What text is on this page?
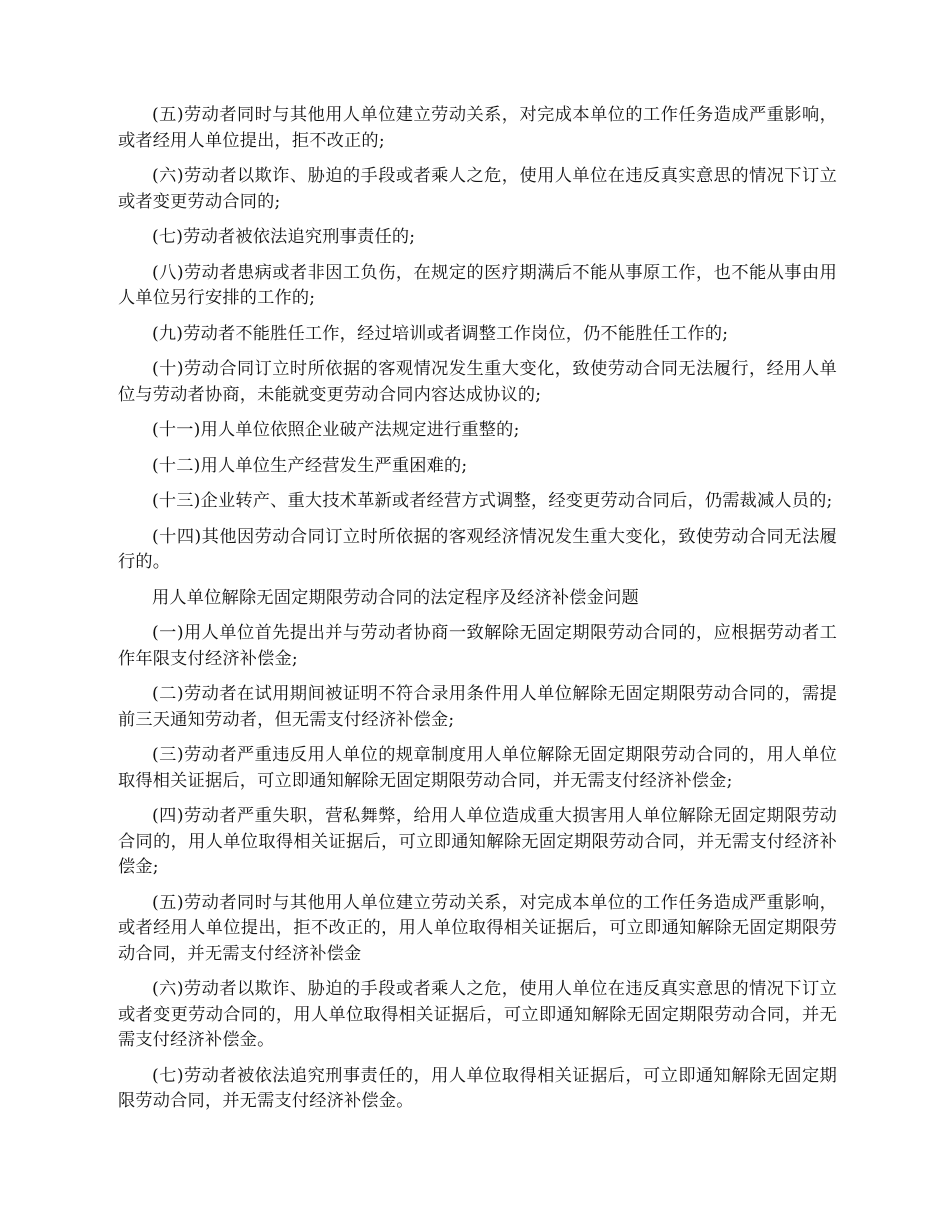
(五)劳动者同时与其他用人单位建立劳动关系，对完成本单位的工作任务造成严重影响，或者经用人单位提出，拒不改正的;

(六)劳动者以欺诈、胁迫的手段或者乘人之危，使用人单位在违反真实意思的情况下订立或者变更劳动合同的;

(七)劳动者被依法追究刑事责任的;

(八)劳动者患病或者非因工负伤，在规定的医疗期满后不能从事原工作，也不能从事由用人单位另行安排的工作的;

(九)劳动者不能胜任工作，经过培训或者调整工作岗位，仍不能胜任工作的;

(十)劳动合同订立时所依据的客观情况发生重大变化，致使劳动合同无法履行，经用人单位与劳动者协商，未能就变更劳动合同内容达成协议的;

(十一)用人单位依照企业破产法规定进行重整的;

(十二)用人单位生产经营发生严重困难的;

(十三)企业转产、重大技术革新或者经营方式调整，经变更劳动合同后，仍需裁减人员的;

(十四)其他因劳动合同订立时所依据的客观经济情况发生重大变化，致使劳动合同无法履行的。

用人单位解除无固定期限劳动合同的法定程序及经济补偿金问题

(一)用人单位首先提出并与劳动者协商一致解除无固定期限劳动合同的，应根据劳动者工作年限支付经济补偿金;

(二)劳动者在试用期间被证明不符合录用条件用人单位解除无固定期限劳动合同的，需提前三天通知劳动者，但无需支付经济补偿金;

(三)劳动者严重违反用人单位的规章制度用人单位解除无固定期限劳动合同的，用人单位取得相关证据后，可立即通知解除无固定期限劳动合同，并无需支付经济补偿金;

(四)劳动者严重失职，营私舞弊，给用人单位造成重大损害用人单位解除无固定期限劳动合同的，用人单位取得相关证据后，可立即通知解除无固定期限劳动合同，并无需支付经济补偿金;

(五)劳动者同时与其他用人单位建立劳动关系，对完成本单位的工作任务造成严重影响，或者经用人单位提出，拒不改正的，用人单位取得相关证据后，可立即通知解除无固定期限劳动合同，并无需支付经济补偿金

(六)劳动者以欺诈、胁迫的手段或者乘人之危，使用人单位在违反真实意思的情况下订立或者变更劳动合同的，用人单位取得相关证据后，可立即通知解除无固定期限劳动合同，并无需支付经济补偿金。

(七)劳动者被依法追究刑事责任的，用人单位取得相关证据后，可立即通知解除无固定期限劳动合同，并无需支付经济补偿金。
